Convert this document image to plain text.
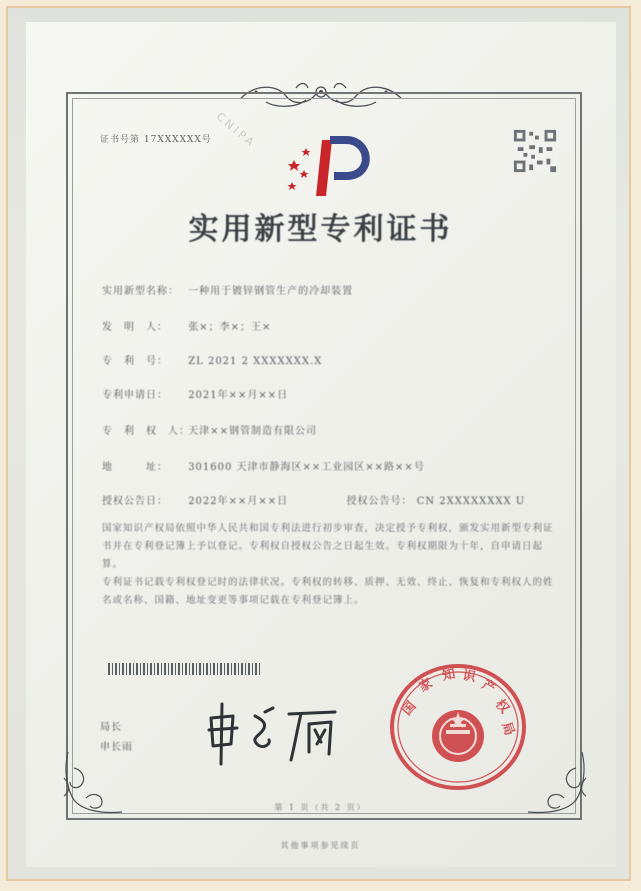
证书号第 17XXXXXX号 CNIPA
实用新型专利证书
实用新型名称： 一种用于镀锌钢管生产的冷却装置
发　明　人： 张×；李×；王×
专　利　号： ZL 2021 2 XXXXXXX.X
专利申请日： 2021年××月××日
专　利　权　人： 天津××钢管制造有限公司
地　　　址： 301600 天津市静海区××工业园区××路××号
授权公告日： 2022年××月××日	授权公告号： CN 2XXXXXXXX U
国家知识产权局依照中华人民共和国专利法进行初步审查，决定授予专利权，颁发实用新型专利证书并在专利登记簿上予以登记。专利权自授权公告之日起生效。专利权期限为十年，自申请日起算。
专利证书记载专利权登记时的法律状况。专利权的转移、质押、无效、终止、恢复和专利权人的姓名或名称、国籍、地址变更等事项记载在专利登记簿上。
局长
申长雨
国
家
知 识
产
权
局
第 1 页（共 2 页）
其他事项参见续页
